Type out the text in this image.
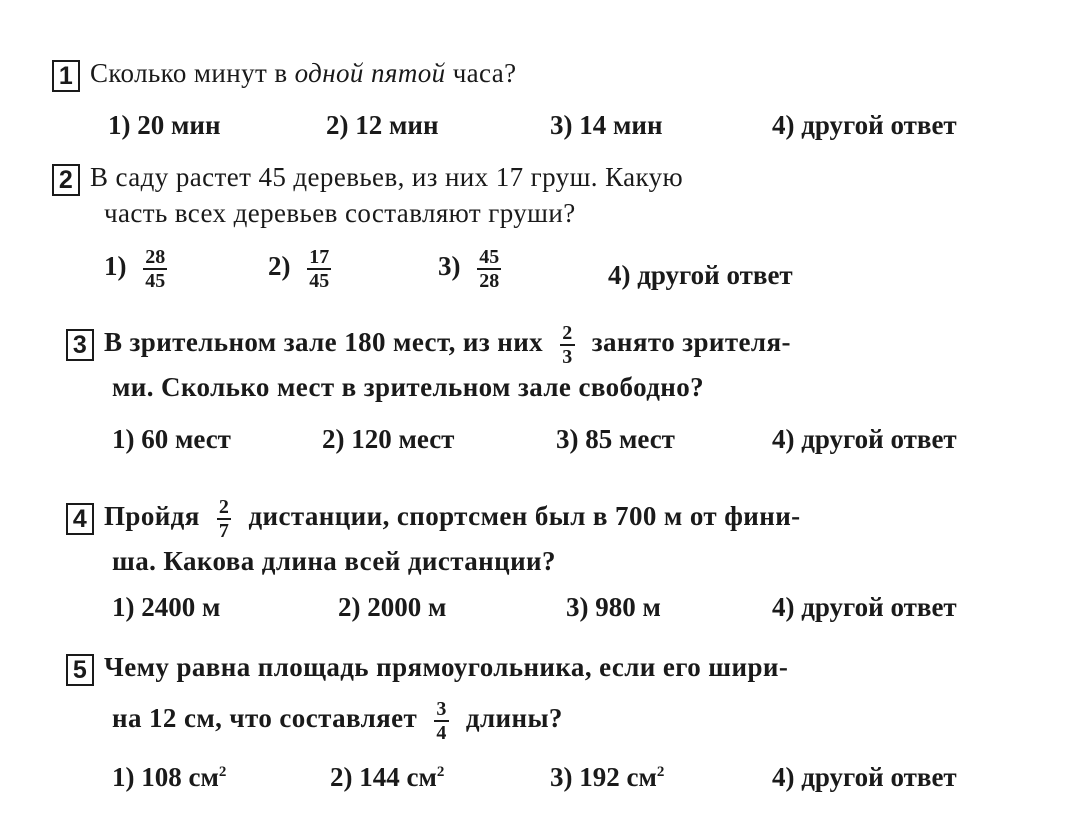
1 Сколько минут в одной пятой часа?
1) 20 мин	2) 12 мин	3) 14 мин	4) другой ответ
2 В саду растет 45 деревьев, из них 17 груш. Какую
часть всех деревьев составляют груши?
$1) \frac{28}{45}$	$2) \frac{17}{45}$	$3) \frac{45}{28}$	4) другой ответ
3 В зрительном зале 180 мест, из них $\frac{2}{3}$ занято зрителя-
ми. Сколько мест в зрительном зале свободно?
1) 60 мест	2) 120 мест	3) 85 мест	4) другой ответ
4 Пройдя $\frac{2}{7}$ дистанции, спортсмен был в 700 м от фини-
ша. Какова длина всей дистанции?
1) 2400 м	2) 2000 м	3) 980 м	4) другой ответ
5 Чему равна площадь прямоугольника, если его шири-
на 12 см, что составляет $\frac{3}{4}$ длины?
1) 108 $см^2$	2) 144 $см^2$	3) 192 $см^2$	4) другой ответ
